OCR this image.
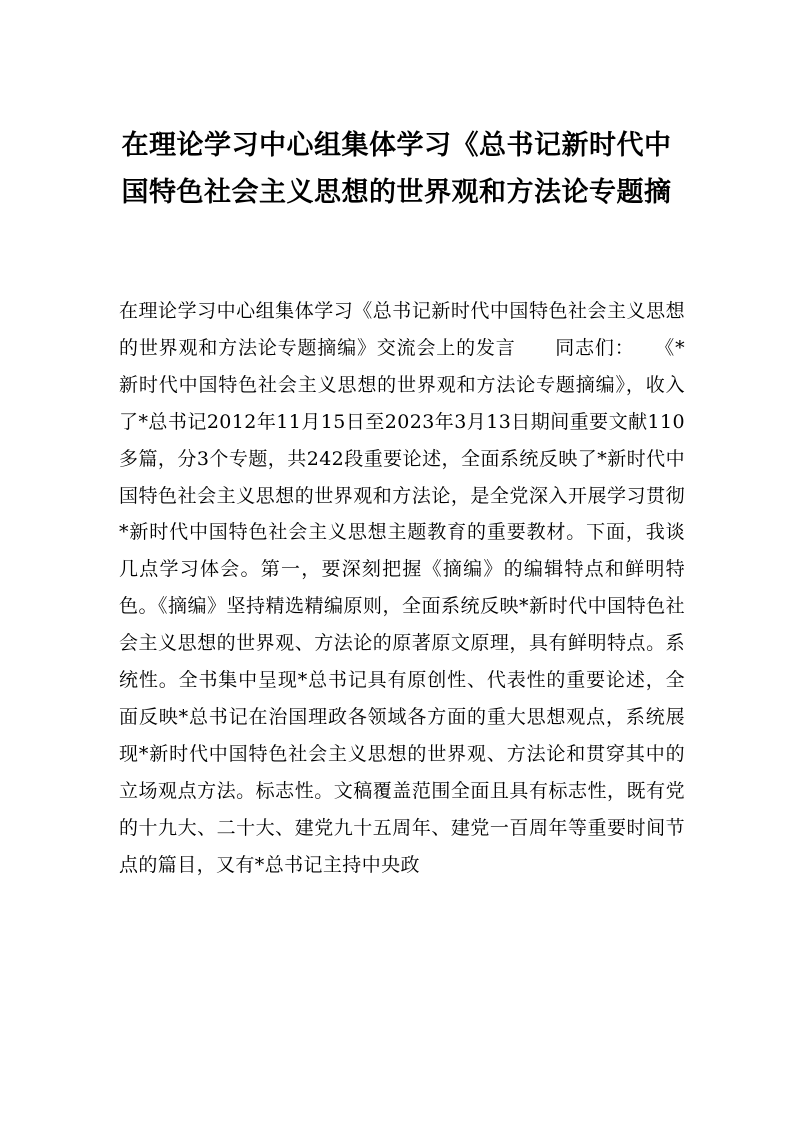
在理论学习中心组集体学习《总书记新时代中国特色社会主义思想的世界观和方法论专题摘

在理论学习中心组集体学习《总书记新时代中国特色社会主义思想的世界观和方法论专题摘编》交流会上的发言　　同志们：　　《*新时代中国特色社会主义思想的世界观和方法论专题摘编》，收入了*总书记2012年11月15日至2023年3月13日期间重要文献110多篇，分3个专题，共242段重要论述，全面系统反映了*新时代中国特色社会主义思想的世界观和方法论，是全党深入开展学习贯彻*新时代中国特色社会主义思想主题教育的重要教材。下面，我谈几点学习体会。第一，要深刻把握《摘编》的编辑特点和鲜明特色。《摘编》坚持精选精编原则，全面系统反映*新时代中国特色社会主义思想的世界观、方法论的原著原文原理，具有鲜明特点。系统性。全书集中呈现*总书记具有原创性、代表性的重要论述，全面反映*总书记在治国理政各领域各方面的重大思想观点，系统展现*新时代中国特色社会主义思想的世界观、方法论和贯穿其中的立场观点方法。标志性。文稿覆盖范围全面且具有标志性，既有党的十九大、二十大、建党九十五周年、建党一百周年等重要时间节点的篇目，又有*总书记主持中央政
